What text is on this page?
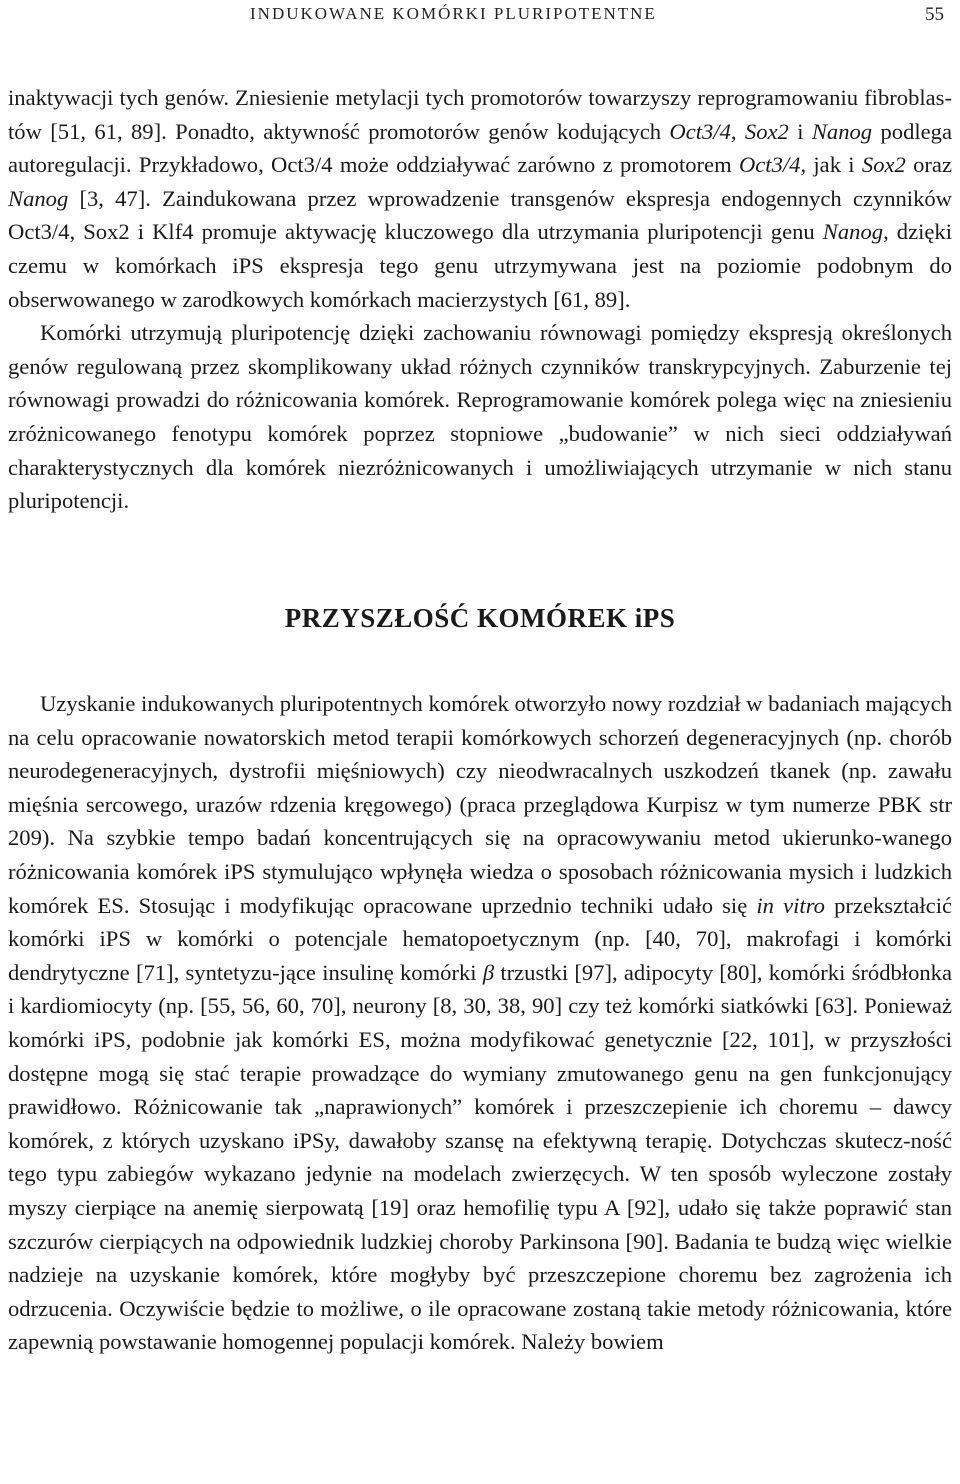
INDUKOWANE KOMÓRKI PLURIPOTENTNE	55

inaktywacji tych genów. Zniesienie metylacji tych promotorów towarzyszy reprogramowaniu fibroblas-tów [51, 61, 89]. Ponadto, aktywność promotorów genów kodujących Oct3/4, Sox2 i Nanog podlega autoregulacji. Przykładowo, Oct3/4 może oddziaływać zarówno z promotorem Oct3/4, jak i Sox2 oraz Nanog [3, 47]. Zaindukowana przez wprowadzenie transgenów ekspresja endogennych czynników Oct3/4, Sox2 i Klf4 promuje aktywację kluczowego dla utrzymania pluripotencji genu Nanog, dzięki czemu w komórkach iPS ekspresja tego genu utrzymywana jest na poziomie podobnym do obserwowanego w zarodkowych komórkach macierzystych [61, 89].

Komórki utrzymują pluripotencję dzięki zachowaniu równowagi pomiędzy ekspresją określonych genów regulowaną przez skomplikowany układ różnych czynników transkrypcyjnych. Zaburzenie tej równowagi prowadzi do różnicowania komórek. Reprogramowanie komórek polega więc na zniesieniu zróżnicowanego fenotypu komórek poprzez stopniowe „budowanie” w nich sieci oddziaływań charakterystycznych dla komórek niezróżnicowanych i umożliwiających utrzymanie w nich stanu pluripotencji.

PRZYSZŁOŚĆ KOMÓREK iPS

Uzyskanie indukowanych pluripotentnych komórek otworzyło nowy rozdział w badaniach mających na celu opracowanie nowatorskich metod terapii komórkowych schorzeń degeneracyjnych (np. chorób neurodegeneracyjnych, dystrofii mięśniowych) czy nieodwracalnych uszkodzeń tkanek (np. zawału mięśnia sercowego, urazów rdzenia kręgowego) (praca przeglądowa Kurpisz w tym numerze PBK str 209). Na szybkie tempo badań koncentrujących się na opracowywaniu metod ukierunko-wanego różnicowania komórek iPS stymulująco wpłynęła wiedza o sposobach różnicowania mysich i ludzkich komórek ES. Stosując i modyfikując opracowane uprzednio techniki udało się in vitro przekształcić komórki iPS w komórki o potencjale hematopoetycznym (np. [40, 70], makrofagi i komórki dendrytyczne [71], syntetyzu-jące insulinę komórki β trzustki [97], adipocyty [80], komórki śródbłonka i kardiomiocyty (np. [55, 56, 60, 70], neurony [8, 30, 38, 90] czy też komórki siatkówki [63]. Ponieważ komórki iPS, podobnie jak komórki ES, można modyfikować genetycznie [22, 101], w przyszłości dostępne mogą się stać terapie prowadzące do wymiany zmutowanego genu na gen funkcjonujący prawidłowo. Różnicowanie tak „naprawionych” komórek i przeszczepienie ich choremu – dawcy komórek, z których uzyskano iPSy, dawałoby szansę na efektywną terapię. Dotychczas skutecz-ność tego typu zabiegów wykazano jedynie na modelach zwierzęcych. W ten sposób wyleczone zostały myszy cierpiące na anemię sierpowatą [19] oraz hemofilię typu A [92], udało się także poprawić stan szczurów cierpiących na odpowiednik ludzkiej choroby Parkinsona [90]. Badania te budzą więc wielkie nadzieje na uzyskanie komórek, które mogłyby być przeszczepione choremu bez zagrożenia ich odrzucenia. Oczywiście będzie to możliwe, o ile opracowane zostaną takie metody różnicowania, które zapewnią powstawanie homogennej populacji komórek. Należy bowiem
